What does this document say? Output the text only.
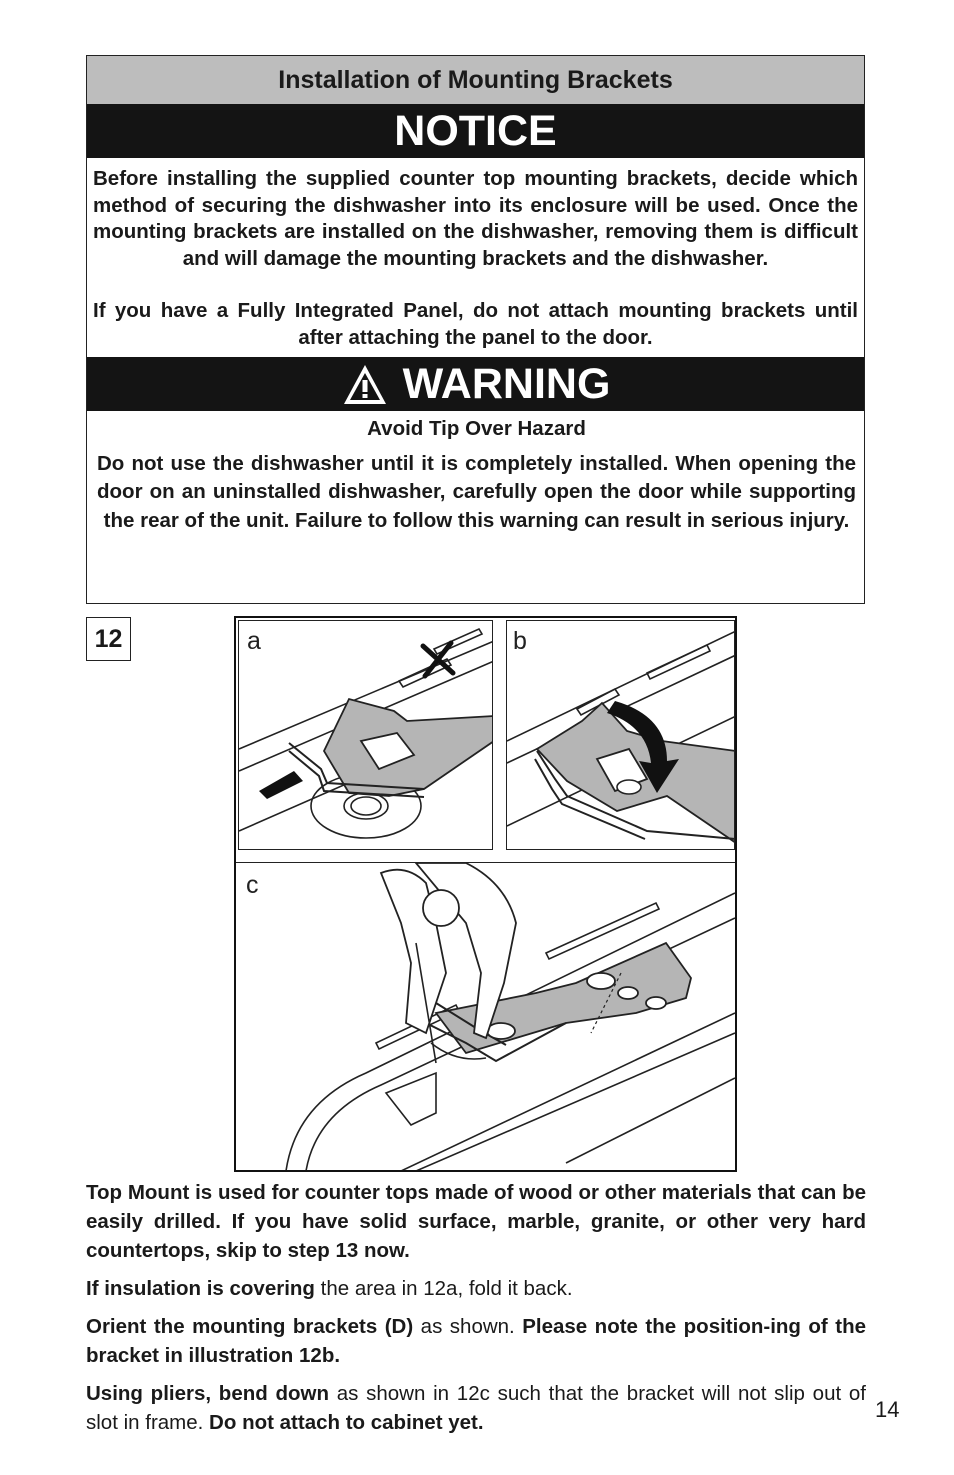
Installation of Mounting Brackets
NOTICE

Before installing the supplied counter top mounting brackets, decide which method of securing the dishwasher into its enclosure will be used. Once the mounting brackets are installed on the dishwasher, removing them is difficult and will damage the mounting brackets and the dishwasher.

If you have a Fully Integrated Panel, do not attach mounting brackets until after attaching the panel to the door.

WARNING
Avoid Tip Over Hazard

Do not use the dishwasher until it is completely installed. When opening the door on an uninstalled dishwasher, carefully open the door while supporting the rear of the unit. Failure to follow this warning can result in serious injury.

12	a	b
c

Top Mount is used for counter tops made of wood or other materials that can be easily drilled. If you have solid surface, marble, granite, or other very hard countertops, skip to step 13 now.

If insulation is covering the area in 12a, fold it back.

Orient the mounting brackets (D) as shown. Please note the position-ing of the bracket in illustration 12b.

Using pliers, bend down as shown in 12c such that the bracket will not slip out of slot in frame. Do not attach to cabinet yet.

14
